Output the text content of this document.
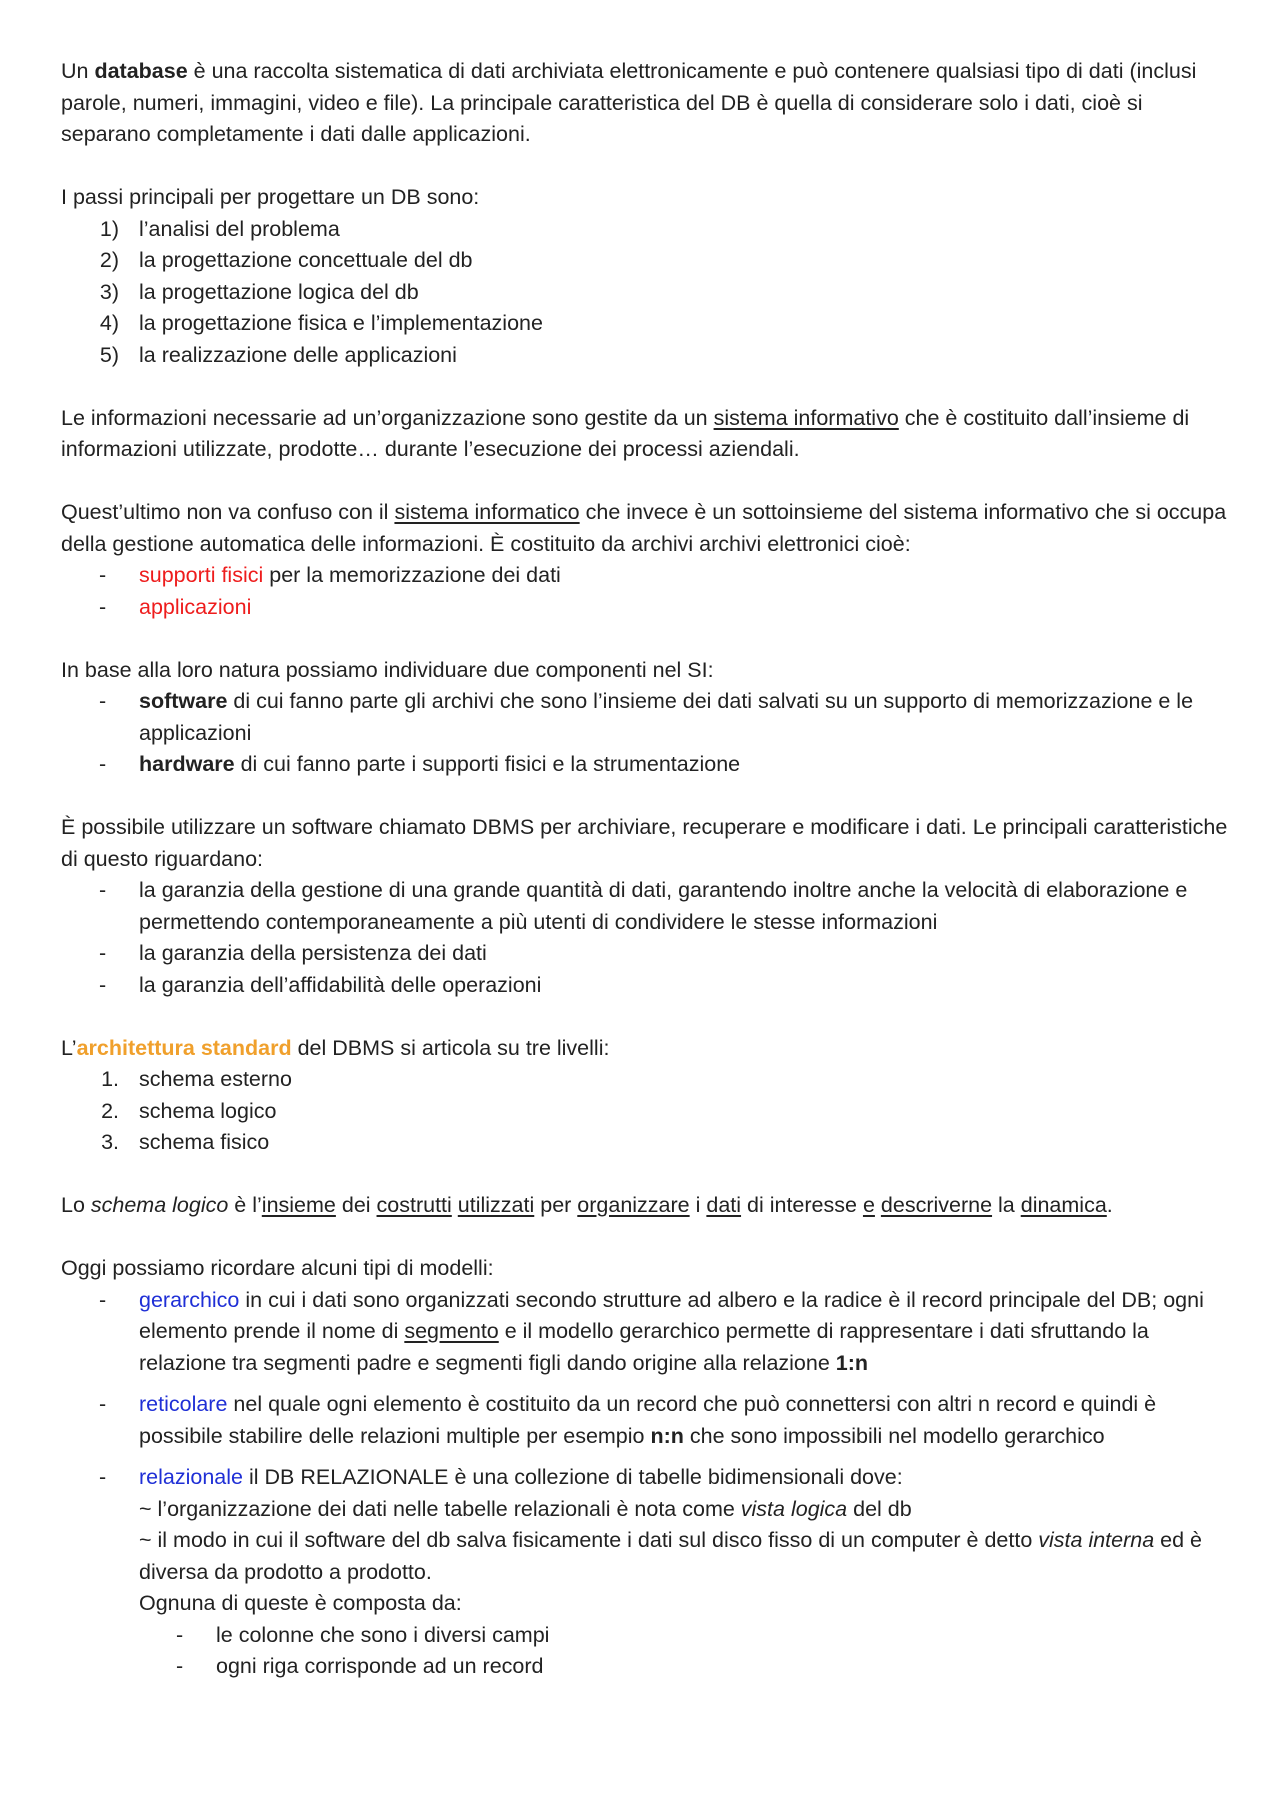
Un database è una raccolta sistematica di dati archiviata elettronicamente e può contenere qualsiasi tipo di dati (inclusi parole, numeri, immagini, video e file). La principale caratteristica del DB è quella di considerare solo i dati, cioè si separano completamente i dati dalle applicazioni.

I passi principali per progettare un DB sono:

1) l’analisi del problema
2) la progettazione concettuale del db
3) la progettazione logica del db
4) la progettazione fisica e l’implementazione
5) la realizzazione delle applicazioni

Le informazioni necessarie ad un’organizzazione sono gestite da un sistema informativo che è costituito dall’insieme di informazioni utilizzate, prodotte… durante l’esecuzione dei processi aziendali.

Quest’ultimo non va confuso con il sistema informatico che invece è un sottoinsieme del sistema informativo che si occupa della gestione automatica delle informazioni. È costituito da archivi archivi elettronici cioè:

- supporti fisici per la memorizzazione dei dati
- applicazioni

In base alla loro natura possiamo individuare due componenti nel SI:

- software di cui fanno parte gli archivi che sono l’insieme dei dati salvati su un supporto di memorizzazione e le applicazioni
- hardware di cui fanno parte i supporti fisici e la strumentazione

È possibile utilizzare un software chiamato DBMS per archiviare, recuperare e modificare i dati. Le principali caratteristiche di questo riguardano:

- la garanzia della gestione di una grande quantità di dati, garantendo inoltre anche la velocità di elaborazione e permettendo contemporaneamente a più utenti di condividere le stesse informazioni
- la garanzia della persistenza dei dati
- la garanzia dell’affidabilità delle operazioni

L’architettura standard del DBMS si articola su tre livelli:

1. schema esterno
2. schema logico
3. schema fisico

Lo schema logico è l’insieme dei costrutti utilizzati per organizzare i dati di interesse e descriverne la dinamica.

Oggi possiamo ricordare alcuni tipi di modelli:

- gerarchico in cui i dati sono organizzati secondo strutture ad albero e la radice è il record principale del DB; ogni elemento prende il nome di segmento e il modello gerarchico permette di rappresentare i dati sfruttando la relazione tra segmenti padre e segmenti figli dando origine alla relazione 1:n
- reticolare nel quale ogni elemento è costituito da un record che può connettersi con altri n record e quindi è possibile stabilire delle relazioni multiple per esempio n:n che sono impossibili nel modello gerarchico
- relazionale il DB RELAZIONALE è una collezione di tabelle bidimensionali dove:
~ l’organizzazione dei dati nelle tabelle relazionali è nota come vista logica del db
~ il modo in cui il software del db salva fisicamente i dati sul disco fisso di un computer è detto vista interna ed è diversa da prodotto a prodotto.
Ognuna di queste è composta da:
- le colonne che sono i diversi campi
- ogni riga corrisponde ad un record
